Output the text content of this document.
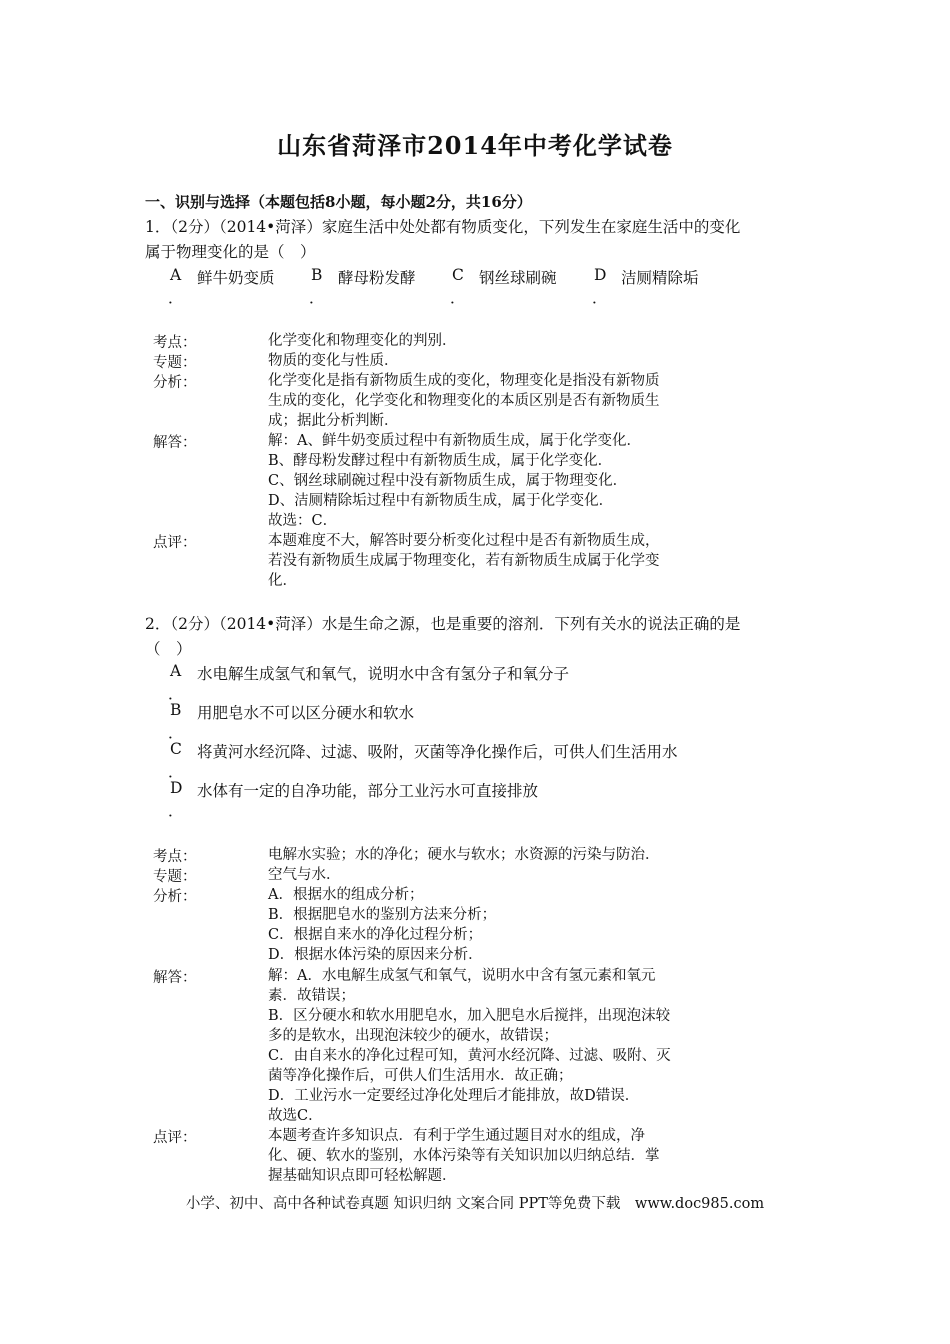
山东省菏泽市2014年中考化学试卷
一、识别与选择（本题包括8小题，每小题2分，共16分）
1．（2分）（2014•菏泽）家庭生活中处处都有物质变化，下列发生在家庭生活中的变化
属于物理变化的是（　）
A
．
鲜牛奶变质 B
．
酵母粉发酵 C
．
钢丝球刷碗 D
．
洁厕精除垢
考点：	化学变化和物理变化的判别．
专题：	物质的变化与性质．
分析：	化学变化是指有新物质生成的变化，物理变化是指没有新物质
生成的变化，化学变化和物理变化的本质区别是否有新物质生
成；据此分析判断．
解答：	解：A、鲜牛奶变质过程中有新物质生成，属于化学变化．
B、酵母粉发酵过程中有新物质生成，属于化学变化．
C、钢丝球刷碗过程中没有新物质生成，属于物理变化．
D、洁厕精除垢过程中有新物质生成，属于化学变化．
故选：C．
点评：	本题难度不大，解答时要分析变化过程中是否有新物质生成，
若没有新物质生成属于物理变化，若有新物质生成属于化学变
化．
2．（2分）（2014•菏泽）水是生命之源，也是重要的溶剂．下列有关水的说法正确的是
（　）
A
．
水电解生成氢气和氧气，说明水中含有氢分子和氧分子
B
．
用肥皂水不可以区分硬水和软水
C
．
将黄河水经沉降、过滤、吸附，灭菌等净化操作后，可供人们生活用水
D
．
水体有一定的自净功能，部分工业污水可直接排放
考点：	电解水实验；水的净化；硬水与软水；水资源的污染与防治．
专题：	空气与水．
分析：	A．根据水的组成分析；
B．根据肥皂水的鉴别方法来分析；
C．根据自来水的净化过程分析；
D．根据水体污染的原因来分析．
解答：	解：A．水电解生成氢气和氧气，说明水中含有氢元素和氧元
素．故错误；
B．区分硬水和软水用肥皂水，加入肥皂水后搅拌，出现泡沫较
多的是软水，出现泡沫较少的硬水，故错误；
C．由自来水的净化过程可知，黄河水经沉降、过滤、吸附、灭
菌等净化操作后，可供人们生活用水．故正确；
D．工业污水一定要经过净化处理后才能排放，故D错误．
故选C．
点评：	本题考查许多知识点．有利于学生通过题目对水的组成，净
化、硬、软水的鉴别，水体污染等有关知识加以归纳总结．掌
握基础知识点即可轻松解题．
小学、初中、高中各种试卷真题 知识归纳 文案合同 PPT等免费下载　www.doc985.com
